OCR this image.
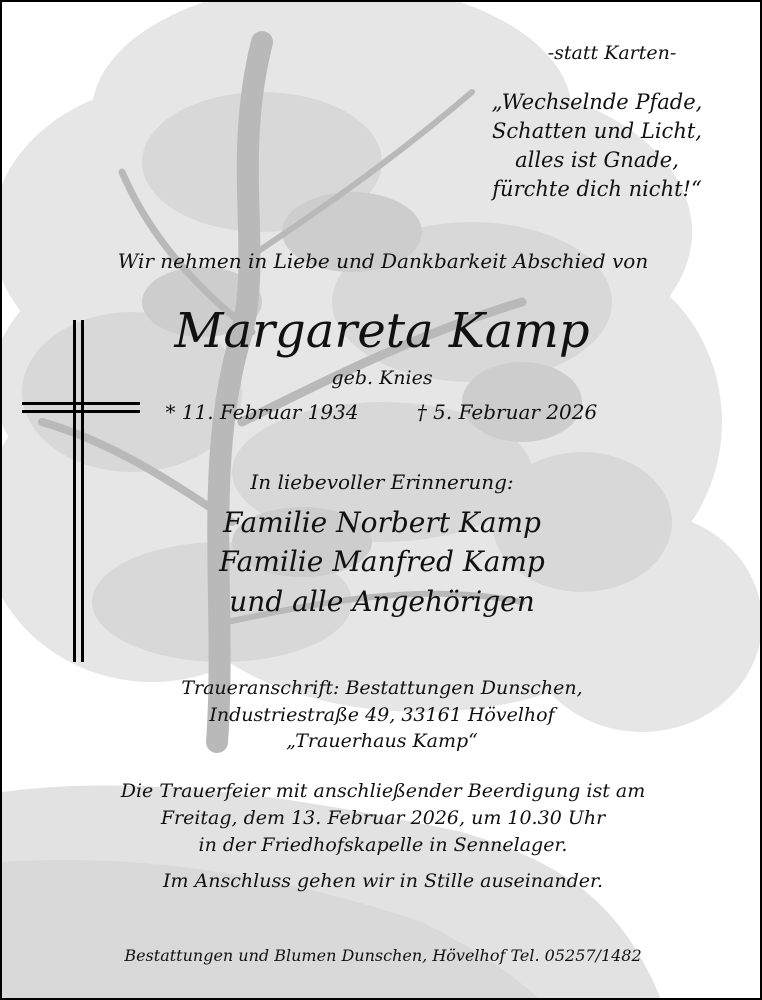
-statt Karten-
„Wechselnde Pfade,
Schatten und Licht,
alles ist Gnade,
fürchte dich nicht!“
Wir nehmen in Liebe und Dankbarkeit Abschied von
Margareta Kamp
geb. Knies
* 11. Februar 1934	† 5. Februar 2026
In liebevoller Erinnerung:
Familie Norbert Kamp
Familie Manfred Kamp
und alle Angehörigen
Traueranschrift: Bestattungen Dunschen,
Industriestraße 49, 33161 Hövelhof
„Trauerhaus Kamp“
Die Trauerfeier mit anschließender Beerdigung ist am
Freitag, dem 13. Februar 2026, um 10.30 Uhr
in der Friedhofskapelle in Sennelager.
Im Anschluss gehen wir in Stille auseinander.
Bestattungen und Blumen Dunschen, Hövelhof Tel. 05257/1482
